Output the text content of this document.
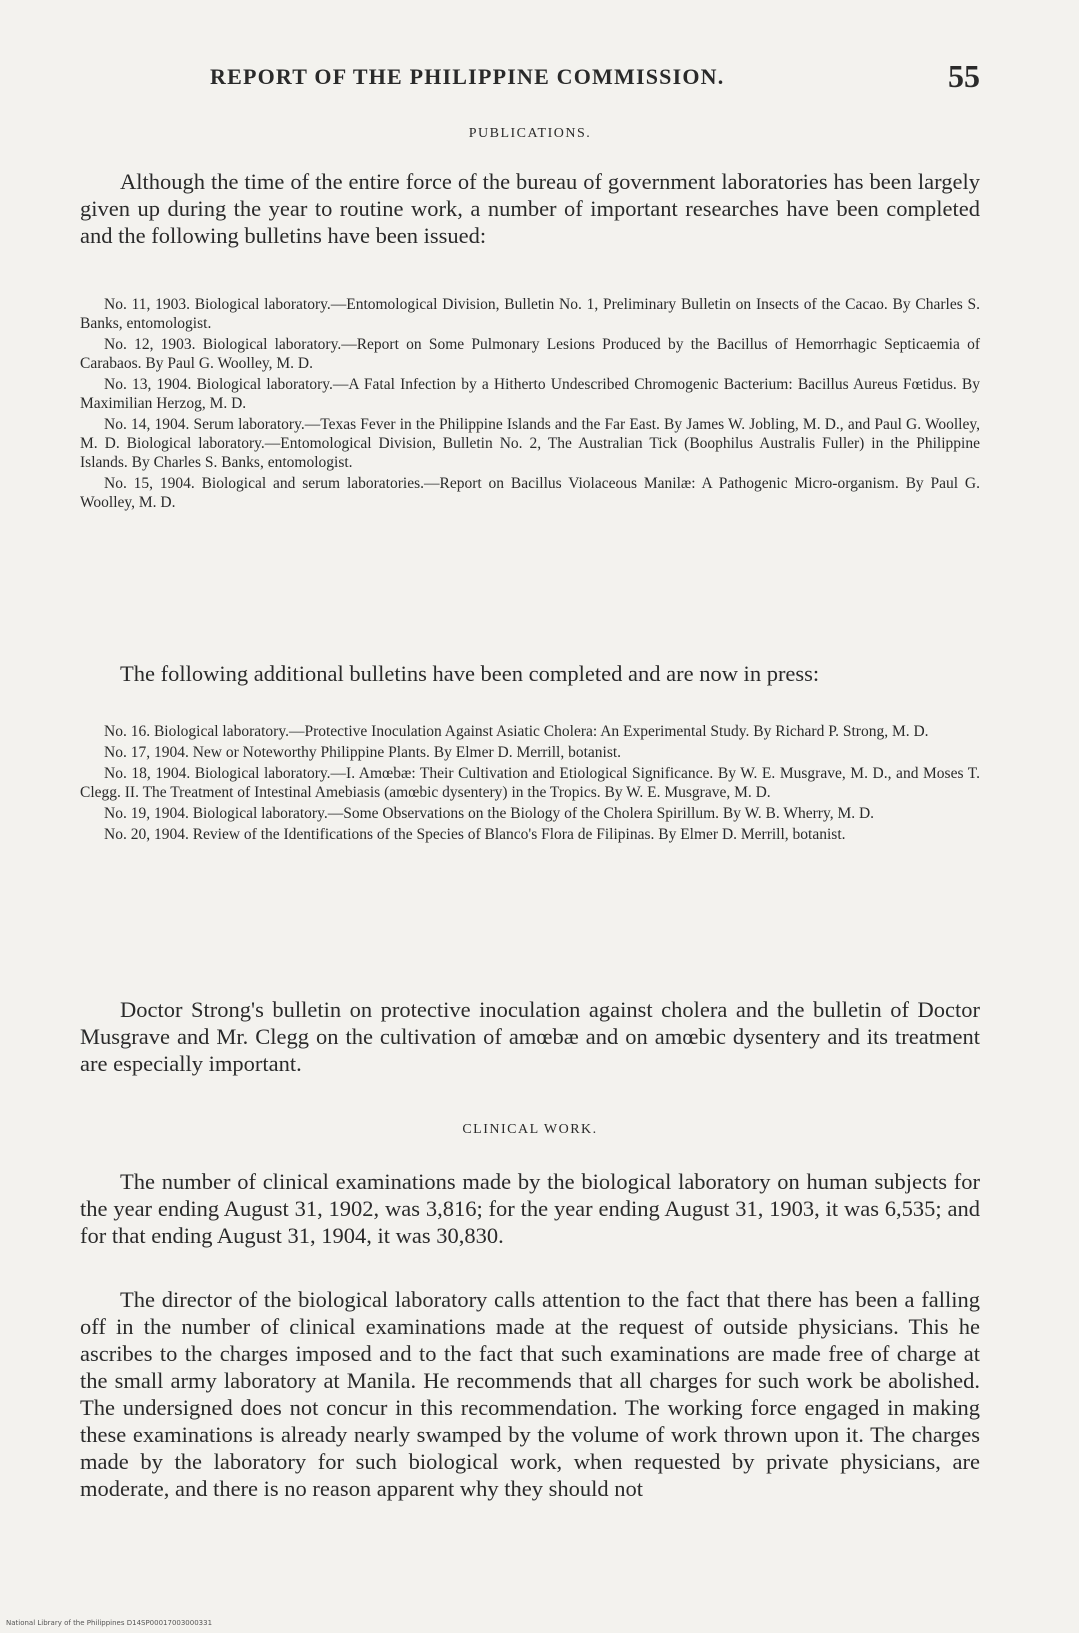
REPORT OF THE PHILIPPINE COMMISSION.	55
PUBLICATIONS.

Although the time of the entire force of the bureau of government laboratories has been largely given up during the year to routine work, a number of important researches have been completed and the following bulletins have been issued:

No. 11, 1903. Biological laboratory.—Entomological Division, Bulletin No. 1, Preliminary Bulletin on Insects of the Cacao. By Charles S. Banks, entomologist.

No. 12, 1903. Biological laboratory.—Report on Some Pulmonary Lesions Produced by the Bacillus of Hemorrhagic Septicaemia of Carabaos. By Paul G. Woolley, M. D.

No. 13, 1904. Biological laboratory.—A Fatal Infection by a Hitherto Undescribed Chromogenic Bacterium: Bacillus Aureus Fœtidus. By Maximilian Herzog, M. D.

No. 14, 1904. Serum laboratory.—Texas Fever in the Philippine Islands and the Far East. By James W. Jobling, M. D., and Paul G. Woolley, M. D. Biological laboratory.—Entomological Division, Bulletin No. 2, The Australian Tick (Boophilus Australis Fuller) in the Philippine Islands. By Charles S. Banks, entomologist.

No. 15, 1904. Biological and serum laboratories.—Report on Bacillus Violaceous Manilæ: A Pathogenic Micro-organism. By Paul G. Woolley, M. D.

The following additional bulletins have been completed and are now in press:

No. 16. Biological laboratory.—Protective Inoculation Against Asiatic Cholera: An Experimental Study. By Richard P. Strong, M. D.

No. 17, 1904. New or Noteworthy Philippine Plants. By Elmer D. Merrill, botanist.

No. 18, 1904. Biological laboratory.—I. Amœbæ: Their Cultivation and Etiological Significance. By W. E. Musgrave, M. D., and Moses T. Clegg. II. The Treatment of Intestinal Amebiasis (amœbic dysentery) in the Tropics. By W. E. Musgrave, M. D.

No. 19, 1904. Biological laboratory.—Some Observations on the Biology of the Cholera Spirillum. By W. B. Wherry, M. D.

No. 20, 1904. Review of the Identifications of the Species of Blanco's Flora de Filipinas. By Elmer D. Merrill, botanist.

Doctor Strong's bulletin on protective inoculation against cholera and the bulletin of Doctor Musgrave and Mr. Clegg on the cultivation of amœbæ and on amœbic dysentery and its treatment are especially important.

CLINICAL WORK.

The number of clinical examinations made by the biological laboratory on human subjects for the year ending August 31, 1902, was 3,816; for the year ending August 31, 1903, it was 6,535; and for that ending August 31, 1904, it was 30,830.

The director of the biological laboratory calls attention to the fact that there has been a falling off in the number of clinical examinations made at the request of outside physicians. This he ascribes to the charges imposed and to the fact that such examinations are made free of charge at the small army laboratory at Manila. He recommends that all charges for such work be abolished. The undersigned does not concur in this recommendation. The working force engaged in making these examinations is already nearly swamped by the volume of work thrown upon it. The charges made by the laboratory for such biological work, when requested by private physicians, are moderate, and there is no reason apparent why they should not

National Library of the Philippines D14SP00017003000331
